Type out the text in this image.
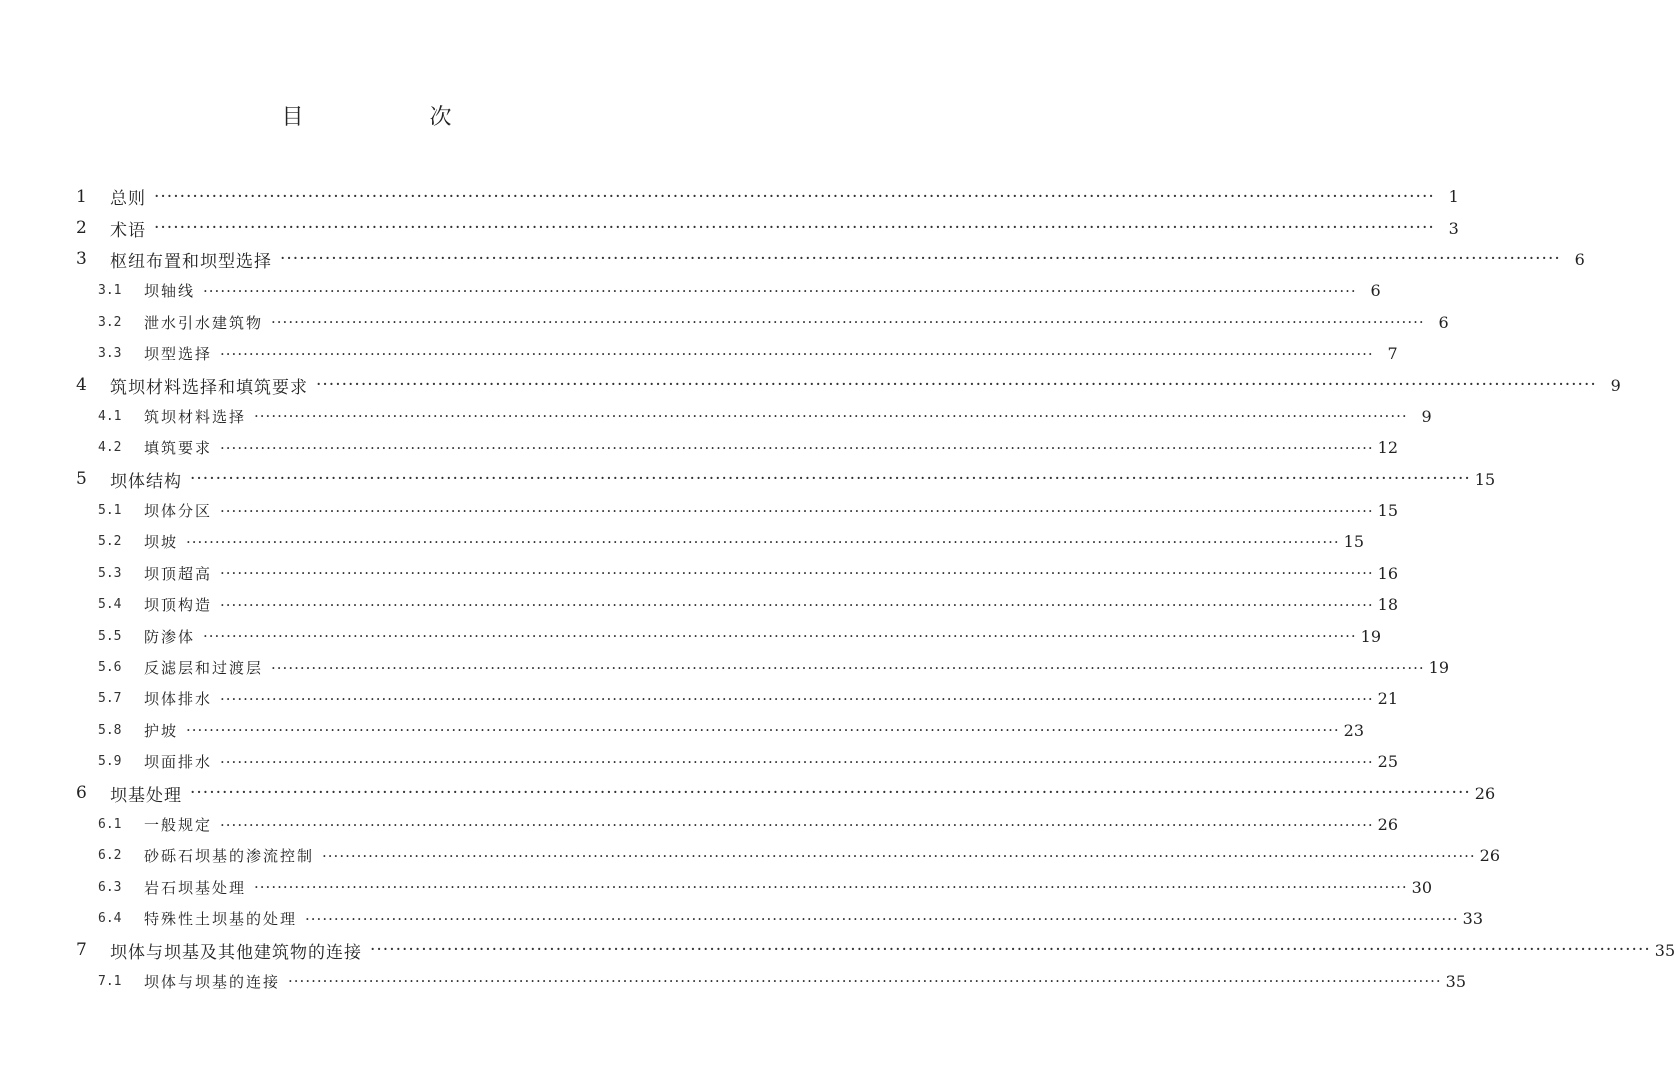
目　次
1	总则 ········································································································································································································ 1
2	术语 ········································································································································································································ 3
3	枢纽布置和坝型选择 ········································································································································································································ 6
3.1	坝轴线 ········································································································································································································ 6
3.2	泄水引水建筑物 ········································································································································································································ 6
3.3	坝型选择 ········································································································································································································ 7
4	筑坝材料选择和填筑要求 ········································································································································································································ 9
4.1	筑坝材料选择 ········································································································································································································ 9
4.2	填筑要求 ········································································································································································································ 12
5	坝体结构 ········································································································································································································ 15
5.1	坝体分区 ········································································································································································································ 15
5.2	坝坡 ········································································································································································································ 15
5.3	坝顶超高 ········································································································································································································ 16
5.4	坝顶构造 ········································································································································································································ 18
5.5	防渗体 ········································································································································································································ 19
5.6	反滤层和过渡层 ········································································································································································································ 19
5.7	坝体排水 ········································································································································································································ 21
5.8	护坡 ········································································································································································································ 23
5.9	坝面排水 ········································································································································································································ 25
6	坝基处理 ········································································································································································································ 26
6.1	一般规定 ········································································································································································································ 26
6.2	砂砾石坝基的渗流控制 ········································································································································································································ 26
6.3	岩石坝基处理 ········································································································································································································ 30
6.4	特殊性土坝基的处理 ········································································································································································································ 33
7	坝体与坝基及其他建筑物的连接 ········································································································································································································ 35
7.1	坝体与坝基的连接 ········································································································································································································ 35
